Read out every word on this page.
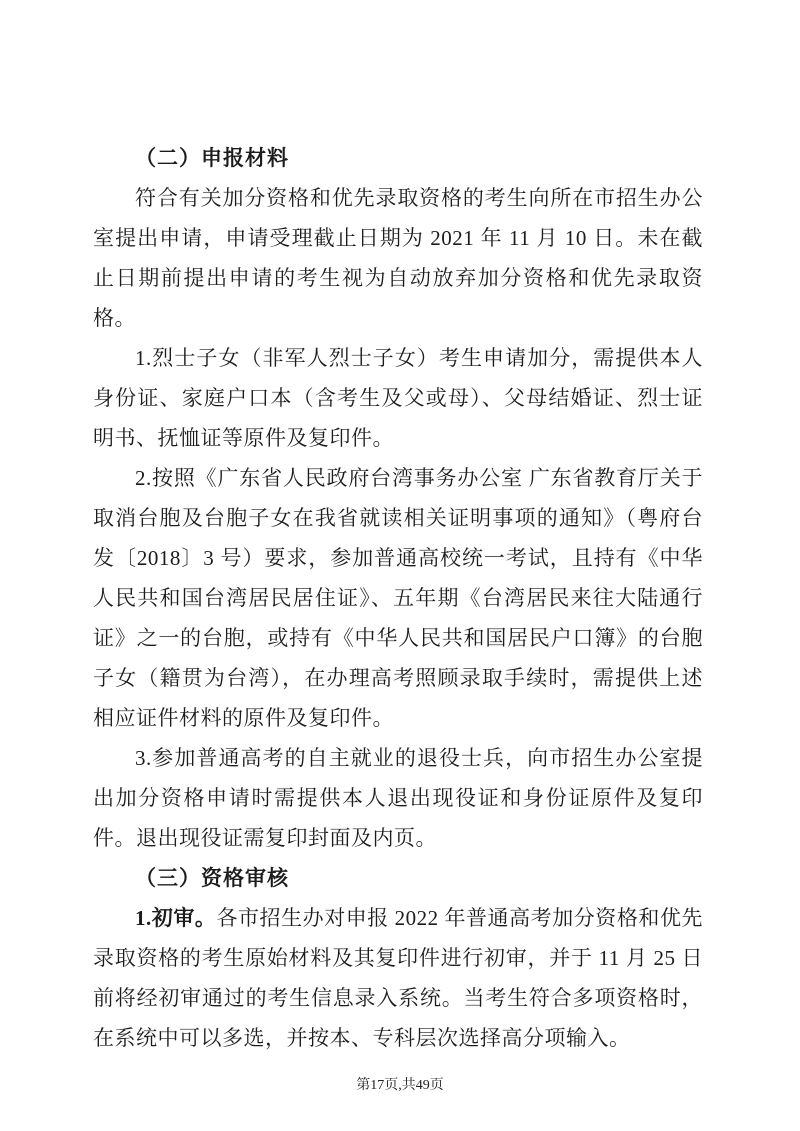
（二）申报材料

符合有关加分资格和优先录取资格的考生向所在市招生办公室提出申请，申请受理截止日期为 2021 年 11 月 10 日。未在截止日期前提出申请的考生视为自动放弃加分资格和优先录取资格。

1.烈士子女（非军人烈士子女）考生申请加分，需提供本人身份证、家庭户口本（含考生及父或母）、父母结婚证、烈士证明书、抚恤证等原件及复印件。

2.按照《广东省人民政府台湾事务办公室 广东省教育厅关于取消台胞及台胞子女在我省就读相关证明事项的通知》（粤府台发〔2018〕3 号）要求，参加普通高校统一考试，且持有《中华人民共和国台湾居民居住证》、五年期《台湾居民来往大陆通行证》之一的台胞，或持有《中华人民共和国居民户口簿》的台胞子女（籍贯为台湾），在办理高考照顾录取手续时，需提供上述相应证件材料的原件及复印件。

3.参加普通高考的自主就业的退役士兵，向市招生办公室提出加分资格申请时需提供本人退出现役证和身份证原件及复印件。退出现役证需复印封面及内页。

（三）资格审核

1.初审。各市招生办对申报 2022 年普通高考加分资格和优先录取资格的考生原始材料及其复印件进行初审，并于 11 月 25 日前将经初审通过的考生信息录入系统。当考生符合多项资格时，在系统中可以多选，并按本、专科层次选择高分项输入。

第17页,共49页
